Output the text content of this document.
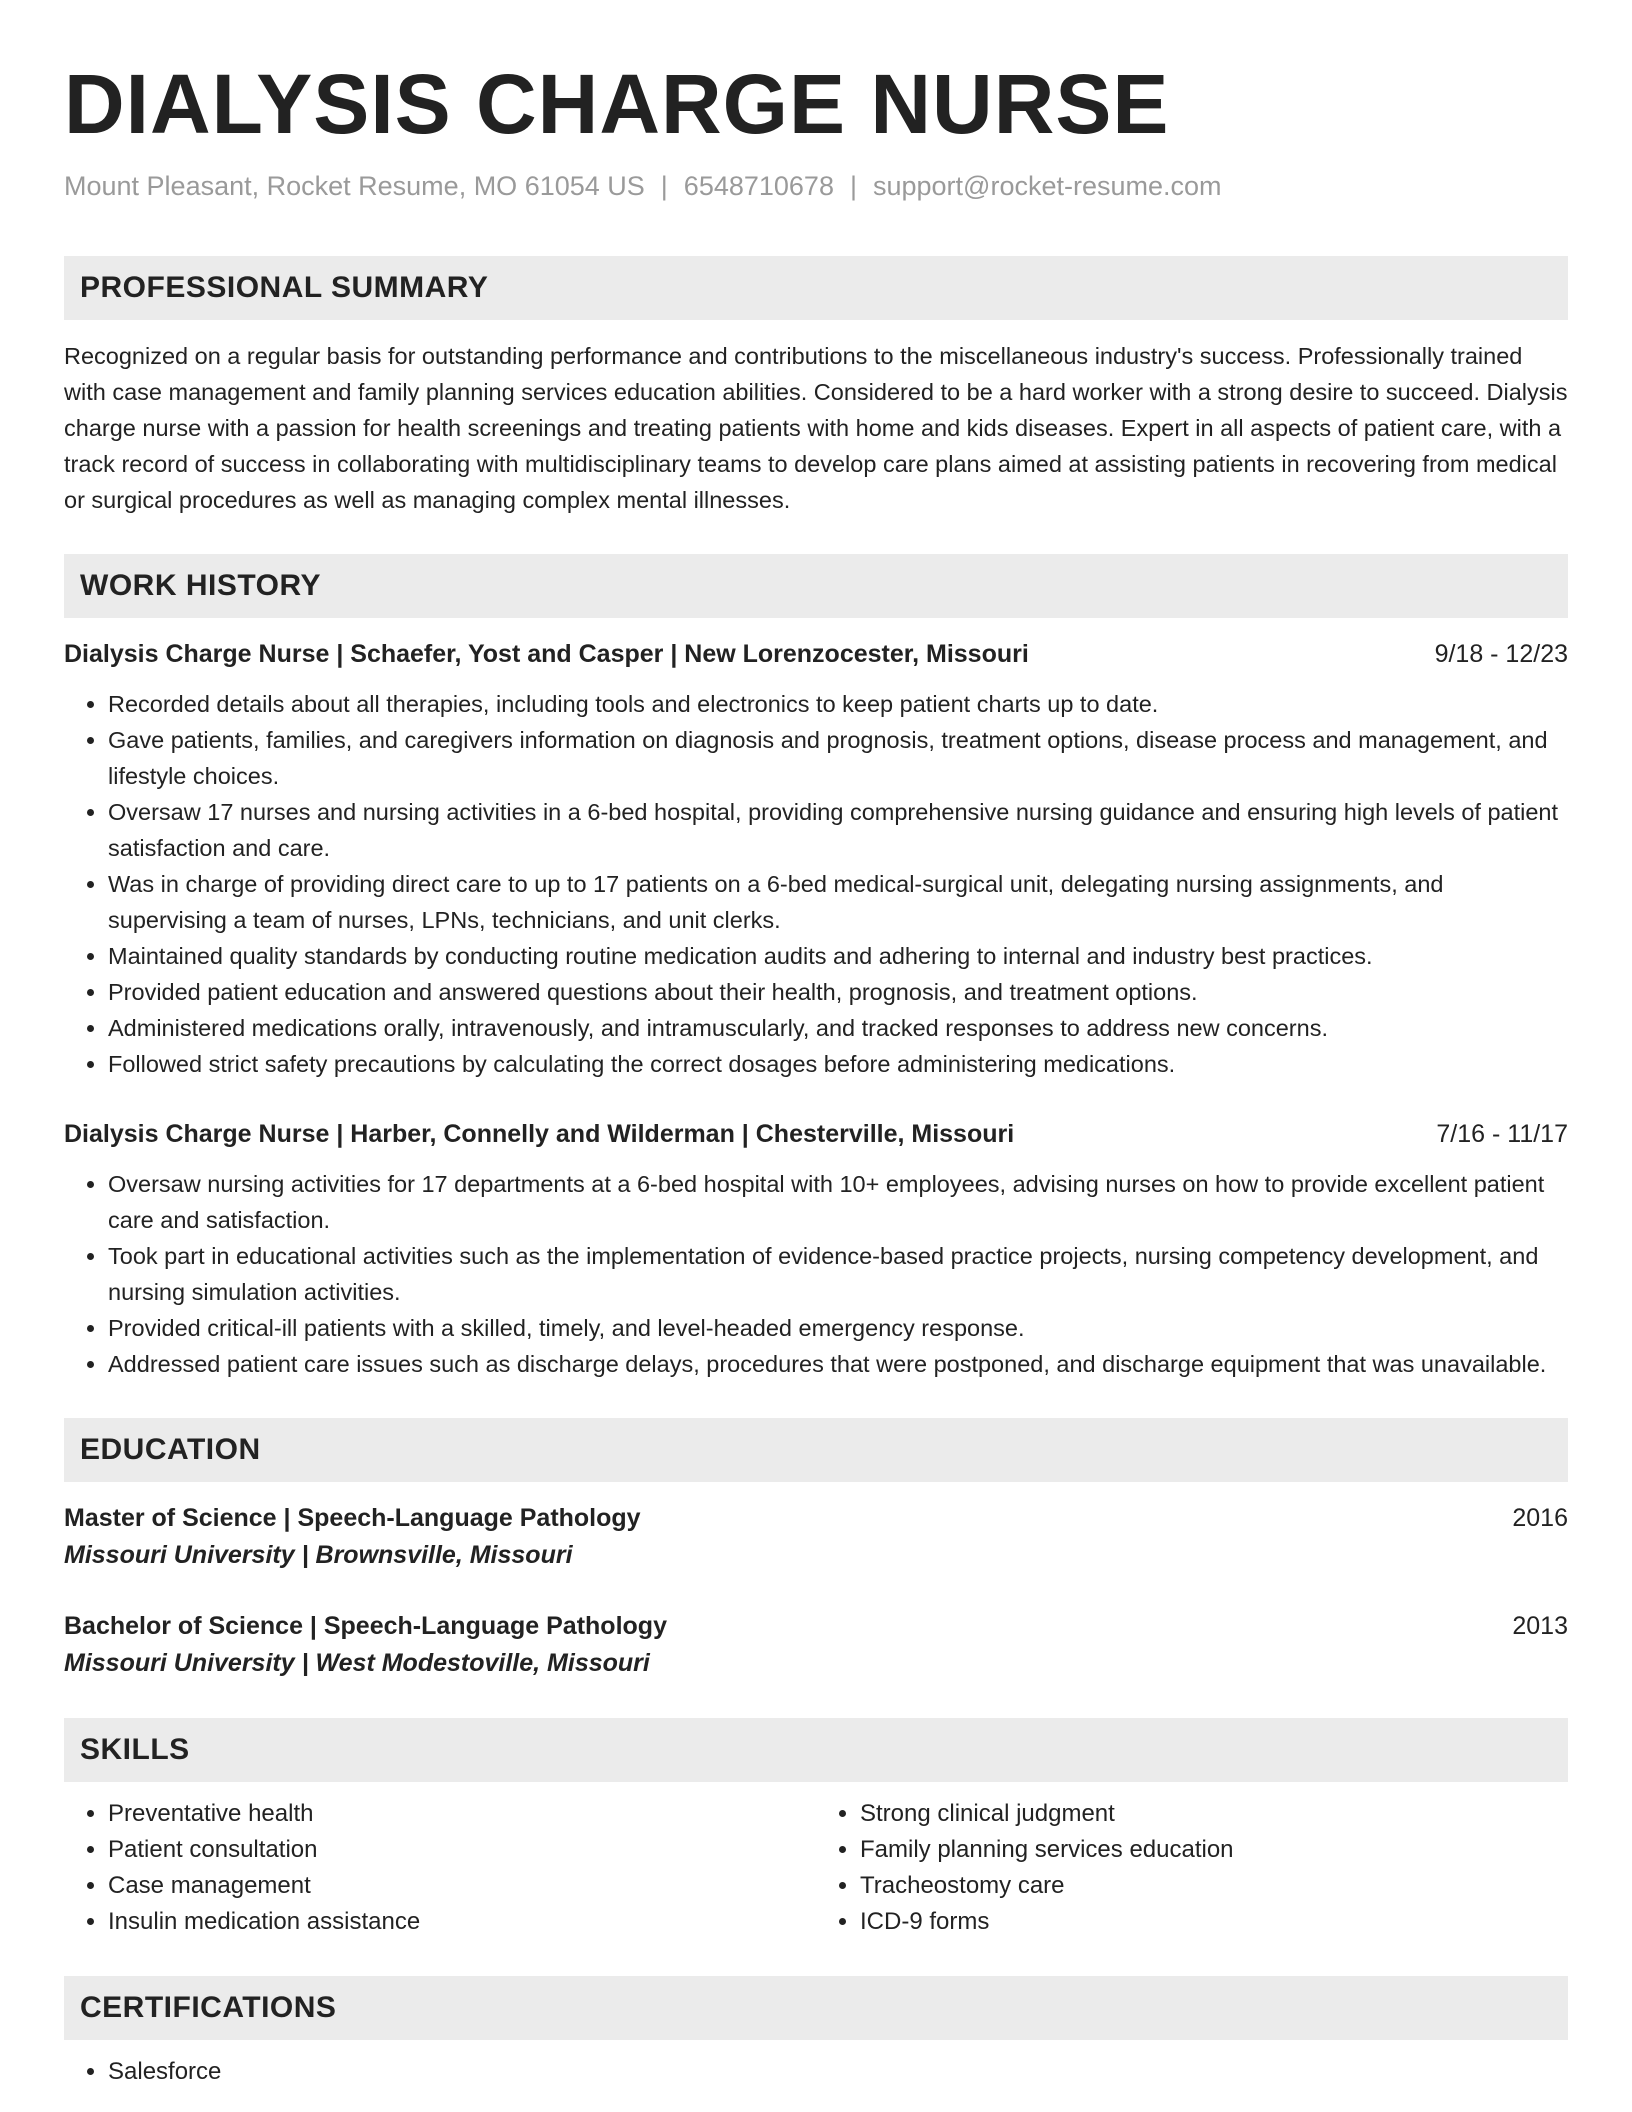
DIALYSIS CHARGE NURSE
Mount Pleasant, Rocket Resume, MO 61054 US | 6548710678 | support@rocket-resume.com
PROFESSIONAL SUMMARY
Recognized on a regular basis for outstanding performance and contributions to the miscellaneous industry's success. Professionally trained with case management and family planning services education abilities. Considered to be a hard worker with a strong desire to succeed. Dialysis charge nurse with a passion for health screenings and treating patients with home and kids diseases. Expert in all aspects of patient care, with a track record of success in collaborating with multidisciplinary teams to develop care plans aimed at assisting patients in recovering from medical or surgical procedures as well as managing complex mental illnesses.
WORK HISTORY
Dialysis Charge Nurse | Schaefer, Yost and Casper | New Lorenzocester, Missouri	9/18 - 12/23
• Recorded details about all therapies, including tools and electronics to keep patient charts up to date.
• Gave patients, families, and caregivers information on diagnosis and prognosis, treatment options, disease process and management, and lifestyle choices.
• Oversaw 17 nurses and nursing activities in a 6-bed hospital, providing comprehensive nursing guidance and ensuring high levels of patient satisfaction and care.
• Was in charge of providing direct care to up to 17 patients on a 6-bed medical-surgical unit, delegating nursing assignments, and supervising a team of nurses, LPNs, technicians, and unit clerks.
• Maintained quality standards by conducting routine medication audits and adhering to internal and industry best practices.
• Provided patient education and answered questions about their health, prognosis, and treatment options.
• Administered medications orally, intravenously, and intramuscularly, and tracked responses to address new concerns.
• Followed strict safety precautions by calculating the correct dosages before administering medications.
Dialysis Charge Nurse | Harber, Connelly and Wilderman | Chesterville, Missouri	7/16 - 11/17
• Oversaw nursing activities for 17 departments at a 6-bed hospital with 10+ employees, advising nurses on how to provide excellent patient care and satisfaction.
• Took part in educational activities such as the implementation of evidence-based practice projects, nursing competency development, and nursing simulation activities.
• Provided critical-ill patients with a skilled, timely, and level-headed emergency response.
• Addressed patient care issues such as discharge delays, procedures that were postponed, and discharge equipment that was unavailable.
EDUCATION
Master of Science | Speech-Language Pathology	2016
Missouri University | Brownsville, Missouri
Bachelor of Science | Speech-Language Pathology	2013
Missouri University | West Modestoville, Missouri
SKILLS
• Preventative health
• Patient consultation
• Case management
• Insulin medication assistance
• Strong clinical judgment
• Family planning services education
• Tracheostomy care
• ICD-9 forms
CERTIFICATIONS
• Salesforce
